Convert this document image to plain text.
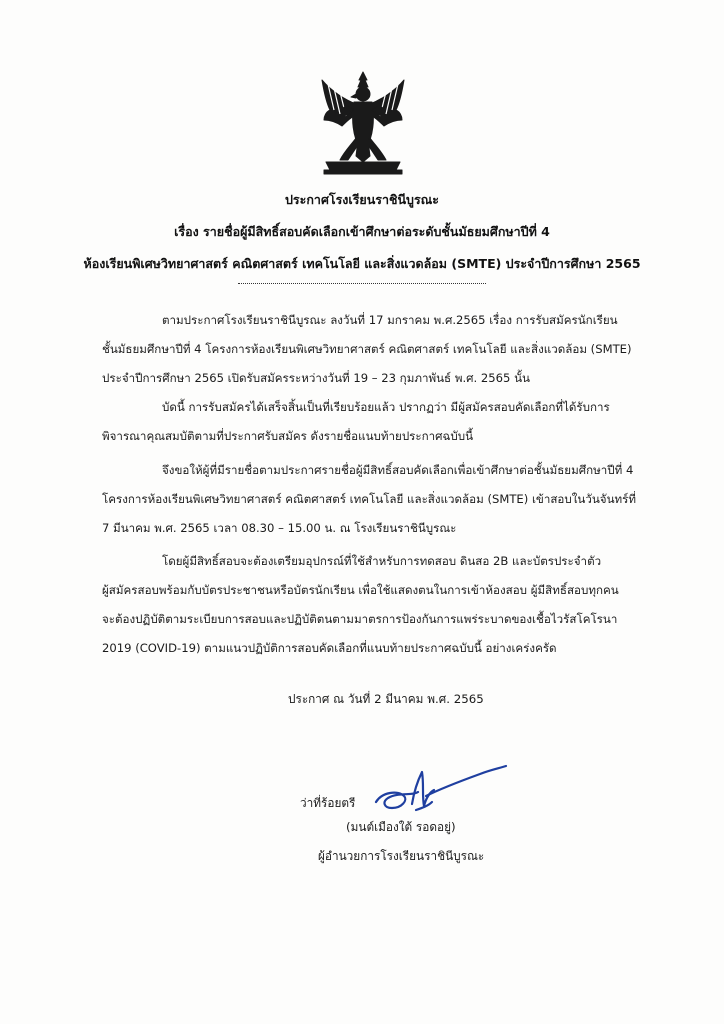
ประกาศโรงเรียนราชินีบูรณะ
เรื่อง รายชื่อผู้มีสิทธิ์สอบคัดเลือกเข้าศึกษาต่อระดับชั้นมัธยมศึกษาปีที่ 4
ห้องเรียนพิเศษวิทยาศาสตร์ คณิตศาสตร์ เทคโนโลยี และสิ่งแวดล้อม (SMTE) ประจำปีการศึกษา 2565
ตามประกาศโรงเรียนราชินีบูรณะ ลงวันที่ 17 มกราคม พ.ศ.2565 เรื่อง การรับสมัครนักเรียน
ชั้นมัธยมศึกษาปีที่ 4 โครงการห้องเรียนพิเศษวิทยาศาสตร์ คณิตศาสตร์ เทคโนโลยี และสิ่งแวดล้อม (SMTE)
ประจำปีการศึกษา 2565 เปิดรับสมัครระหว่างวันที่ 19 – 23 กุมภาพันธ์ พ.ศ. 2565 นั้น
บัดนี้ การรับสมัครได้เสร็จสิ้นเป็นที่เรียบร้อยแล้ว ปรากฏว่า มีผู้สมัครสอบคัดเลือกที่ได้รับการ
พิจารณาคุณสมบัติตามที่ประกาศรับสมัคร ดังรายชื่อแนบท้ายประกาศฉบับนี้
จึงขอให้ผู้ที่มีรายชื่อตามประกาศรายชื่อผู้มีสิทธิ์สอบคัดเลือกเพื่อเข้าศึกษาต่อชั้นมัธยมศึกษาปีที่ 4
โครงการห้องเรียนพิเศษวิทยาศาสตร์ คณิตศาสตร์ เทคโนโลยี และสิ่งแวดล้อม (SMTE) เข้าสอบในวันจันทร์ที่
7 มีนาคม พ.ศ. 2565 เวลา 08.30 – 15.00 น. ณ โรงเรียนราชินีบูรณะ
โดยผู้มีสิทธิ์สอบจะต้องเตรียมอุปกรณ์ที่ใช้สำหรับการทดสอบ ดินสอ 2B และบัตรประจำตัว
ผู้สมัครสอบพร้อมกับบัตรประชาชนหรือบัตรนักเรียน เพื่อใช้แสดงตนในการเข้าห้องสอบ ผู้มีสิทธิ์สอบทุกคน
จะต้องปฏิบัติตามระเบียบการสอบและปฏิบัติตนตามมาตรการป้องกันการแพร่ระบาดของเชื้อไวรัสโคโรนา
2019 (COVID-19) ตามแนวปฏิบัติการสอบคัดเลือกที่แนบท้ายประกาศฉบับนี้ อย่างเคร่งครัด
ประกาศ ณ วันที่ 2 มีนาคม พ.ศ. 2565
ว่าที่ร้อยตรี
(มนต์เมืองใต้ รอดอยู่)
ผู้อำนวยการโรงเรียนราชินีบูรณะ
